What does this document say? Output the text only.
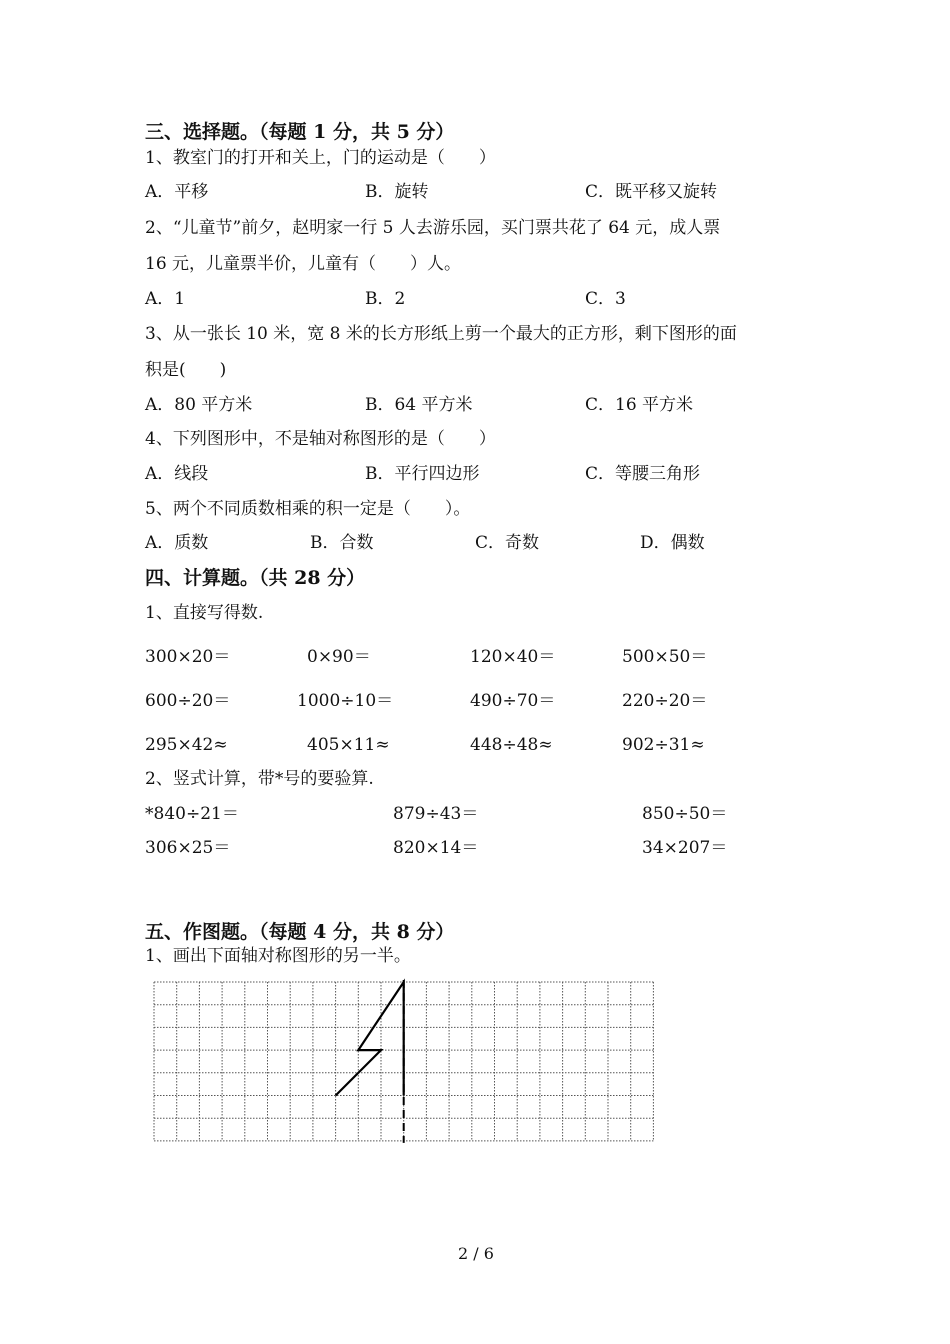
三、选择题。（每题 1 分，共 5 分）
1、教室门的打开和关上，门的运动是（　　）
A．平移	B．旋转	C．既平移又旋转
2、“儿童节”前夕，赵明家一行 5 人去游乐园，买门票共花了 64 元，成人票
16 元，儿童票半价，儿童有（　　）人。
A．1	B．2	C．3
3、从一张长 10 米，宽 8 米的长方形纸上剪一个最大的正方形，剩下图形的面
积是(　　)
A．80 平方米	B．64 平方米	C．16 平方米
4、下列图形中，不是轴对称图形的是（　　）
A．线段	B．平行四边形	C．等腰三角形
5、两个不同质数相乘的积一定是（　　）。
A．质数	B．合数	C．奇数	D．偶数
四、计算题。（共 28 分）
1、直接写得数.
300×20＝	0×90＝	120×40＝	500×50＝
600÷20＝	1000÷10＝	490÷70＝	220÷20＝
295×42≈	405×11≈	448÷48≈	902÷31≈
2、竖式计算，带*号的要验算.
*840÷21＝	879÷43＝	850÷50＝
306×25＝	820×14＝	34×207＝
五、作图题。（每题 4 分，共 8 分）
1、画出下面轴对称图形的另一半。
2 / 6
